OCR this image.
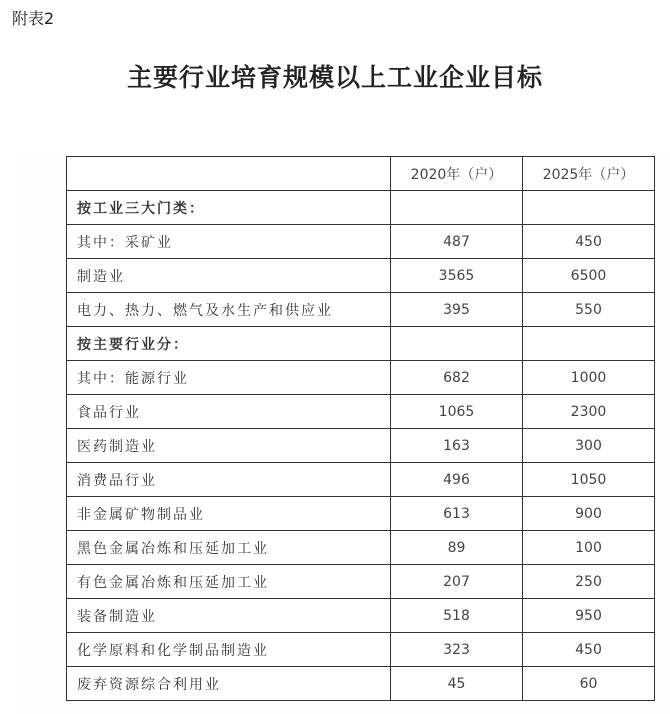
附表2
主要行业培育规模以上工业企业目标
	2020年（户）	2025年（户）
按工业三大门类：		
其中：采矿业	487	450
制造业	3565	6500
电力、热力、燃气及水生产和供应业	395	550
按主要行业分：		
其中：能源行业	682	1000
食品行业	1065	2300
医药制造业	163	300
消费品行业	496	1050
非金属矿物制品业	613	900
黑色金属冶炼和压延加工业	89	100
有色金属冶炼和压延加工业	207	250
装备制造业	518	950
化学原料和化学制品制造业	323	450
废弃资源综合利用业	45	60
